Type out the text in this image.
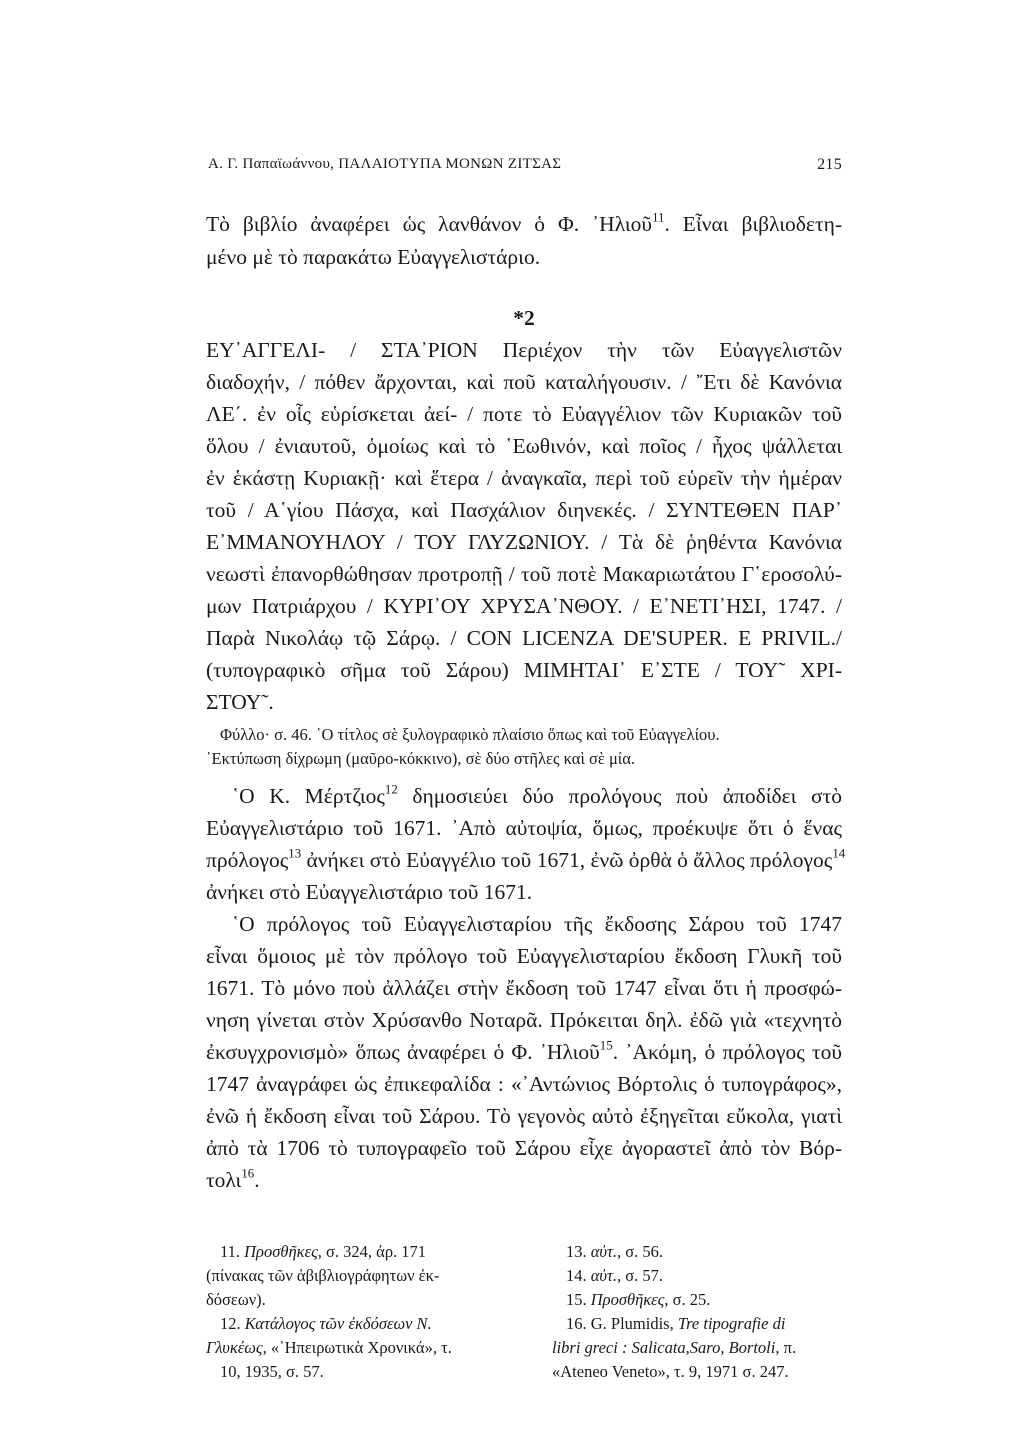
Α. Γ. Παπαϊωάννου, ΠΑΛΑΙΟΤΥΠΑ ΜΟΝΩΝ ΖΙΤΣΑΣ	215
Τὸ βιβλίο ἀναφέρει ὡς λανθάνον ὁ Φ. ᾿Ηλιοῦ$^{11}$. Εἶναι βιβλιοδετη-
μένο μὲ τὸ παρακάτω Εὐαγγελιστάριο.
*2
ΕΥ᾿ΑΓΓΕΛΙ- / ΣΤΑ᾿ΡΙΟΝ Περιέχον τὴν τῶν Εὐαγγελιστῶν
διαδοχήν, / πόθεν ἄρχονται, καὶ ποῦ καταλήγουσιν. / ῎Ετι δὲ Κανόνια
ΛΕ΄. ἐν οἷς εὑρίσκεται ἀεί- / ποτε τὸ Εὐαγγέλιον τῶν Κυριακῶν τοῦ
ὅλου / ἐνιαυτοῦ, ὁμοίως καὶ τὸ ῾Εωθινόν, καὶ ποῖος / ἦχος ψάλλεται
ἐν ἑκάστῃ Κυριακῇ· καὶ ἕτερα / ἀναγκαῖα, περὶ τοῦ εὑρεῖν τὴν ἡμέραν
τοῦ / Α῾γίου Πάσχα, καὶ Πασχάλιον διηνεκές. / ΣΥΝΤΕΘΕΝ ΠΑΡ᾿
Ε᾿ΜΜΑΝΟΥΗΛΟΥ / ΤΟΥ ΓΛΥΖΩΝΙΟΥ. / Τὰ δὲ ῥηθέντα Κανόνια
νεωστὶ ἐπανορθώθησαν προτροπῇ / τοῦ ποτὲ Μακαριωτάτου Γ῾εροσολύ-
μων Πατριάρχου / ΚΥΡΙ᾿ΟΥ ΧΡΥΣΑ᾿ΝΘΟΥ. / Ε᾿ΝΕΤΙ᾿ΗΣΙ, 1747. /
Παρὰ Νικολάῳ τῷ Σάρῳ. / CON LICENZA DE'SUPER. E PRIVIL./
(τυπογραφικὸ σῆμα τοῦ Σάρου) ΜΙΜΗΤΑΙ᾿ Ε᾿ΣΤΕ / ΤΟΥ῀ ΧΡΙ-
ΣΤΟΥ῀.
Φύλλο· σ. 46. ῾Ο τίτλος σὲ ξυλογραφικὸ πλαίσιο ὅπως καὶ τοῦ Εὐαγγελίου.
᾿Εκτύπωση δίχρωμη (μαῦρο-κόκκινο), σὲ δύο στῆλες καὶ σὲ μία.
῾Ο Κ. Μέρτζιος$^{12}$ δημοσιεύει δύο προλόγους ποὺ ἀποδίδει στὸ
Εὐαγγελιστάριο τοῦ 1671. ᾿Απὸ αὐτοψία, ὅμως, προέκυψε ὅτι ὁ ἕνας
πρόλογος$^{13}$ ἀνήκει στὸ Εὐαγγέλιο τοῦ 1671, ἐνῶ ὀρθὰ ὁ ἄλλος πρόλογος$^{14}$
ἀνήκει στὸ Εὐαγγελιστάριο τοῦ 1671.
῾Ο πρόλογος τοῦ Εὐαγγελισταρίου τῆς ἔκδοσης Σάρου τοῦ 1747
εἶναι ὅμοιος μὲ τὸν πρόλογο τοῦ Εὐαγγελισταρίου ἔκδοση Γλυκῆ τοῦ
1671. Τὸ μόνο ποὺ ἀλλάζει στὴν ἔκδοση τοῦ 1747 εἶναι ὅτι ἡ προσφώ-
νηση γίνεται στὸν Χρύσανθο Νοταρᾶ. Πρόκειται δηλ. ἐδῶ γιὰ «τεχνητὸ
ἐκσυγχρονισμὸ» ὅπως ἀναφέρει ὁ Φ. ᾿Ηλιοῦ$^{15}$. ᾿Ακόμη, ὁ πρόλογος τοῦ
1747 ἀναγράφει ὡς ἐπικεφαλίδα : «᾿Αντώνιος Βόρτολις ὁ τυπογράφος»,
ἐνῶ ἡ ἔκδοση εἶναι τοῦ Σάρου. Τὸ γεγονὸς αὐτὸ ἐξηγεῖται εὔκολα, γιατὶ
ἀπὸ τὰ 1706 τὸ τυπογραφεῖο τοῦ Σάρου εἶχε ἀγοραστεῖ ἀπὸ τὸν Βόρ-
τολι$^{16}$.
11. Προσθῆκες, σ. 324, ἀρ. 171
(πίνακας τῶν ἀβιβλιογράφητων ἐκ-
δόσεων).
12. Κατάλογος τῶν ἐκδόσεων Ν.
Γλυκέως, «᾿Ηπειρωτικὰ Χρονικά», τ.
10, 1935, σ. 57.
13. αὐτ., σ. 56.
14. αὐτ., σ. 57.
15. Προσθῆκες, σ. 25.
16. G. Plumidis, Tre tipografie di
libri greci : Salicata,Saro, Bortoli, π.
«Ateneo Veneto», τ. 9, 1971 σ. 247.
